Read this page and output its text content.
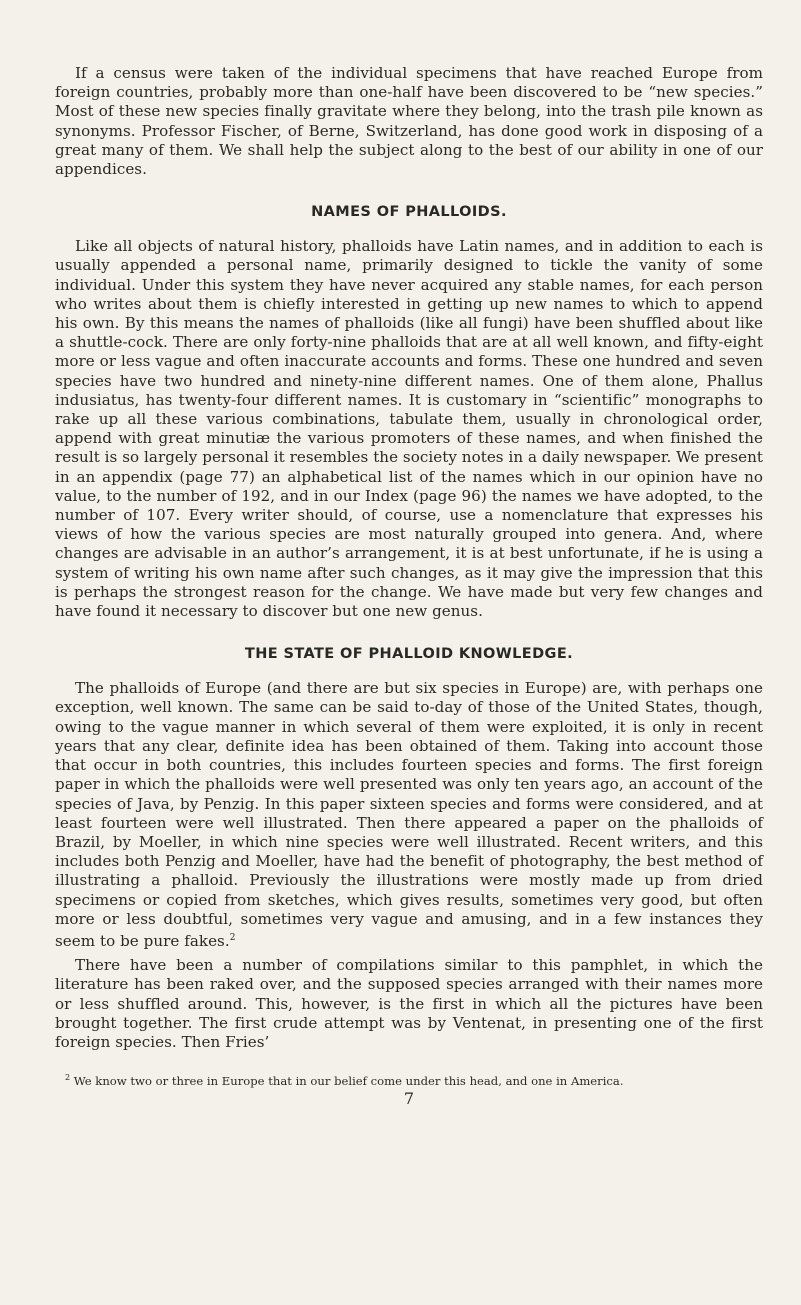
If a census were taken of the individual specimens that have reached Europe from foreign countries, probably more than one-half have been discovered to be “new species.” Most of these new species finally gravitate where they belong, into the trash pile known as synonyms. Professor Fischer, of Berne, Switzerland, has done good work in disposing of a great many of them. We shall help the subject along to the best of our ability in one of our appendices.

NAMES OF PHALLOIDS.

Like all objects of natural history, phalloids have Latin names, and in addition to each is usually appended a personal name, primarily designed to tickle the vanity of some individual. Under this system they have never acquired any stable names, for each person who writes about them is chiefly interested in getting up new names to which to append his own. By this means the names of phalloids (like all fungi) have been shuffled about like a shuttle-cock. There are only forty-nine phalloids that are at all well known, and fifty-eight more or less vague and often inaccurate accounts and forms. These one hundred and seven species have two hundred and ninety-nine different names. One of them alone, Phallus indusiatus, has twenty-four different names. It is customary in “scientific” monographs to rake up all these various combinations, tabulate them, usually in chronological order, append with great minutiæ the various promoters of these names, and when finished the result is so largely personal it resembles the society notes in a daily newspaper. We present in an appendix (page 77) an alphabetical list of the names which in our opinion have no value, to the number of 192, and in our Index (page 96) the names we have adopted, to the number of 107. Every writer should, of course, use a nomenclature that expresses his views of how the various species are most naturally grouped into genera. And, where changes are advisable in an author’s arrangement, it is at best unfortunate, if he is using a system of writing his own name after such changes, as it may give the impression that this is perhaps the strongest reason for the change. We have made but very few changes and have found it necessary to discover but one new genus.

THE STATE OF PHALLOID KNOWLEDGE.

The phalloids of Europe (and there are but six species in Europe) are, with perhaps one exception, well known. The same can be said to-day of those of the United States, though, owing to the vague manner in which several of them were exploited, it is only in recent years that any clear, definite idea has been obtained of them. Taking into account those that occur in both countries, this includes fourteen species and forms. The first foreign paper in which the phalloids were well presented was only ten years ago, an account of the species of Java, by Penzig. In this paper sixteen species and forms were considered, and at least fourteen were well illustrated. Then there appeared a paper on the phalloids of Brazil, by Moeller, in which nine species were well illustrated. Recent writers, and this includes both Penzig and Moeller, have had the benefit of photography, the best method of illustrating a phalloid. Previously the illustrations were mostly made up from dried specimens or copied from sketches, which gives results, sometimes very good, but often more or less doubtful, sometimes very vague and amusing, and in a few instances they seem to be pure fakes.$^2$

There have been a number of compilations similar to this pamphlet, in which the literature has been raked over, and the supposed species arranged with their names more or less shuffled around. This, however, is the first in which all the pictures have been brought together. The first crude attempt was by Ventenat, in presenting one of the first foreign species. Then Fries’

$^2$ We know two or three in Europe that in our belief come under this head, and one in America.

7
